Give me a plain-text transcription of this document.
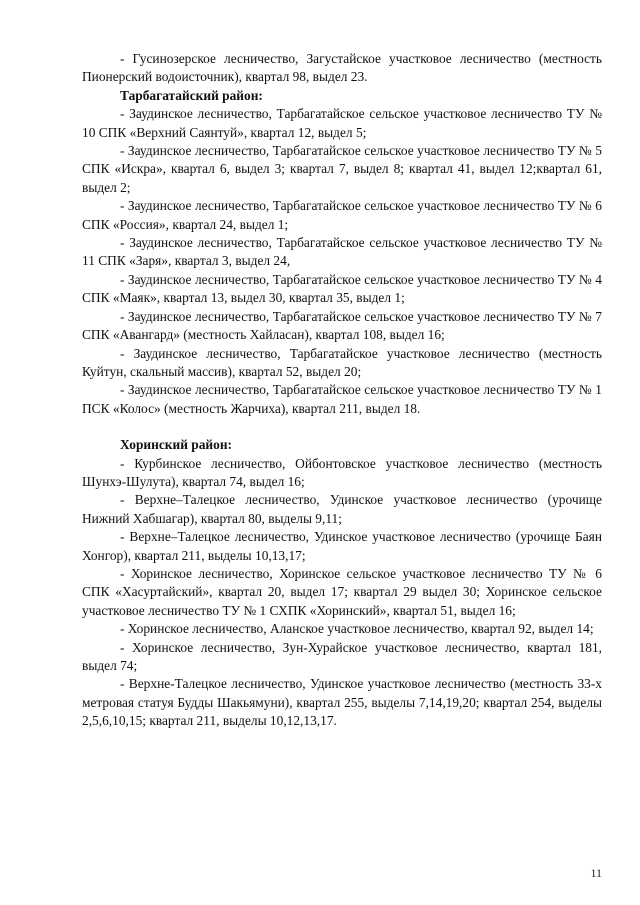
- Гусинозерское лесничество, Загустайское участковое лесничество (местность Пионерский водоисточник), квартал 98, выдел 23.

Тарбагатайский район:

- Заудинское лесничество, Тарбагатайское сельское участковое лесничество ТУ № 10 СПК «Верхний Саянтуй», квартал 12, выдел 5;

- Заудинское лесничество, Тарбагатайское сельское участковое лесничество ТУ № 5 СПК «Искра», квартал 6, выдел 3; квартал 7, выдел 8; квартал 41, выдел 12;квартал 61, выдел 2;

- Заудинское лесничество, Тарбагатайское сельское участковое лесничество ТУ № 6 СПК «Россия», квартал 24, выдел 1;

- Заудинское лесничество, Тарбагатайское сельское участковое лесничество ТУ № 11 СПК «Заря», квартал 3, выдел 24,

- Заудинское лесничество, Тарбагатайское сельское участковое лесничество ТУ № 4 СПК «Маяк», квартал 13, выдел 30, квартал 35, выдел 1;

- Заудинское лесничество, Тарбагатайское сельское участковое лесничество ТУ № 7 СПК «Авангард» (местность Хайласан), квартал 108, выдел 16;

- Заудинское лесничество, Тарбагатайское участковое лесничество (местность Куйтун, скальный массив), квартал 52, выдел 20;

- Заудинское лесничество, Тарбагатайское сельское участковое лесничество ТУ № 1 ПСК «Колос» (местность Жарчиха), квартал 211, выдел 18.

Хоринский район:

- Курбинское лесничество, Ойбонтовское участковое лесничество (местность Шунхэ-Шулута), квартал 74, выдел 16;

- Верхне–Талецкое лесничество, Удинское участковое лесничество (урочище Нижний Хабшагар), квартал 80, выделы 9,11;

- Верхне–Талецкое лесничество, Удинское участковое лесничество (урочище Баян Хонгор), квартал 211, выделы 10,13,17;

- Хоринское лесничество, Хоринское сельское участковое лесничество ТУ № 6 СПК «Хасуртайский», квартал 20, выдел 17; квартал 29 выдел 30; Хоринское сельское участковое лесничество ТУ № 1 СХПК «Хоринский», квартал 51, выдел 16;

- Хоринское лесничество, Аланское участковое лесничество, квартал 92, выдел 14;

- Хоринское лесничество, Зун-Хурайское участковое лесничество, квартал 181, выдел 74;

- Верхне-Талецкое лесничество, Удинское участковое лесничество (местность 33-х метровая статуя Будды Шакьямуни), квартал 255, выделы 7,14,19,20; квартал 254, выделы 2,5,6,10,15; квартал 211, выделы 10,12,13,17.

11
